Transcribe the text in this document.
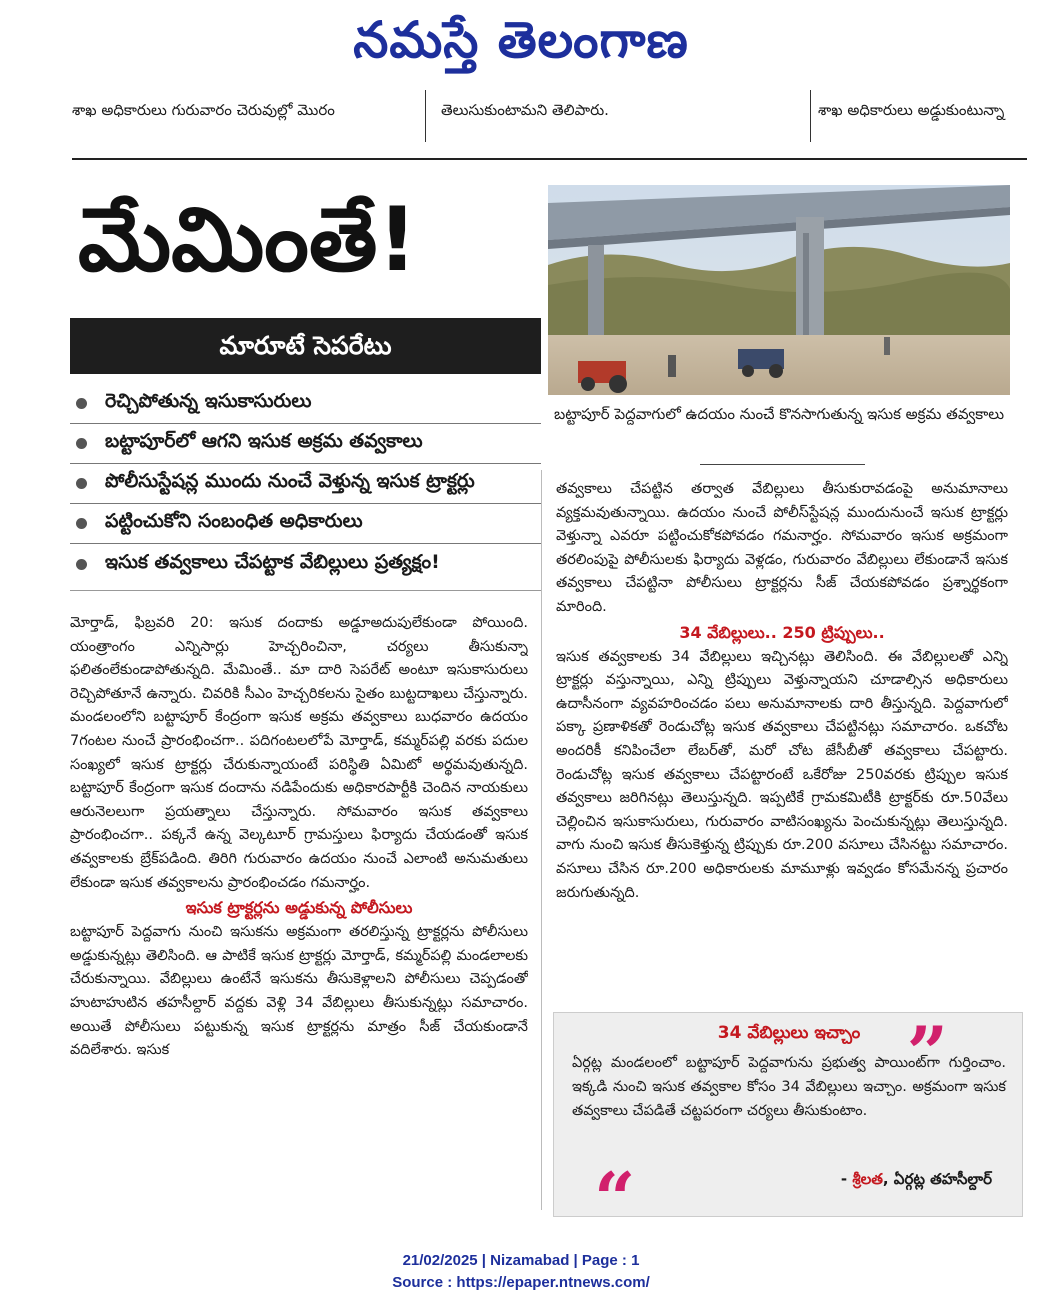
నమస్తే తెలంగాణ

శాఖ అధికారులు గురువారం చెరువుల్లో మొరం
	తెలుసుకుంటామని తెలిపారు.
	శాఖ అధికారులు అడ్డుకుంటున్నా
మేమింతే!
మారూటే సెపరేటు
రెచ్చిపోతున్న ఇసుకాసురులు
బట్టాపూర్‌లో ఆగని ఇసుక అక్రమ తవ్వకాలు
పోలీసుస్టేషన్ల ముందు నుంచే వెళ్తున్న ఇసుక ట్రాక్టర్లు
పట్టించుకోని సంబంధిత అధికారులు
ఇసుక తవ్వకాలు చేపట్టాక వేబిల్లులు ప్రత్యక్షం!

మోర్తాడ్, ఫిబ్రవరి 20: ఇసుక దందాకు అడ్డూఅదుపులేకుండా పోయింది. యంత్రాంగం ఎన్నిసార్లు హెచ్చరించినా, చర్యలు తీసుకున్నా ఫలితంలేకుండాపోతున్నది. మేమింతే.. మా దారి సెపరేట్ అంటూ ఇసుకాసురులు రెచ్చిపోతూనే ఉన్నారు. చివరికి సీఎం హెచ్చరికలను సైతం బుట్టదాఖలు చేస్తున్నారు. మండలంలోని బట్టాపూర్ కేంద్రంగా ఇసుక అక్రమ తవ్వకాలు బుధవారం ఉదయం 7గంటల నుంచే ప్రారంభించగా.. పదిగంటలలోపే మోర్తాడ్, కమ్మర్‌పల్లి వరకు పదుల సంఖ్యలో ఇసుక ట్రాక్టర్లు చేరుకున్నాయంటే పరిస్థితి ఏమిటో అర్థమవుతున్నది. బట్టాపూర్ కేంద్రంగా ఇసుక దందాను నడిపేందుకు అధికారపార్టీకి చెందిన నాయకులు ఆరునెలలుగా ప్రయత్నాలు చేస్తున్నారు. సోమవారం ఇసుక తవ్వకాలు ప్రారంభించగా.. పక్కనే ఉన్న వెల్కటూర్ గ్రామస్తులు ఫిర్యాదు చేయడంతో ఇసుక తవ్వకాలకు బ్రేక్‌పడింది. తిరిగి గురువారం ఉదయం నుంచే ఎలాంటి అనుమతులు లేకుండా ఇసుక తవ్వకాలను ప్రారంభించడం గమనార్హం.

ఇసుక ట్రాక్టర్లను అడ్డుకున్న పోలీసులు

బట్టాపూర్ పెద్దవాగు నుంచి ఇసుకను అక్రమంగా తరలిస్తున్న ట్రాక్టర్లను పోలీసులు అడ్డుకున్నట్లు తెలిసింది. ఆ పాటికే ఇసుక ట్రాక్టర్లు మోర్తాడ్, కమ్మర్‌పల్లి మండలాలకు చేరుకున్నాయి. వేబిల్లులు ఉంటేనే ఇసుకను తీసుకెళ్లాలని పోలీసులు చెప్పడంతో హుటాహుటిన తహసీల్దార్ వద్దకు వెళ్లి 34 వేబిల్లులు తీసుకున్నట్లు సమాచారం. అయితే పోలీసులు పట్టుకున్న ఇసుక ట్రాక్టర్లను మాత్రం సీజ్ చేయకుండానే వదిలేశారు. ఇసుక

బట్టాపూర్ పెద్దవాగులో ఉదయం నుంచే కొనసాగుతున్న ఇసుక అక్రమ తవ్వకాలు

తవ్వకాలు చేపట్టిన తర్వాత వేబిల్లులు తీసుకురావడంపై అనుమానాలు వ్యక్తమవుతున్నాయి. ఉదయం నుంచే పోలీస్‌స్టేషన్ల ముందునుంచే ఇసుక ట్రాక్టర్లు వెళ్తున్నా ఎవరూ పట్టించుకోకపోవడం గమనార్హం. సోమవారం ఇసుక అక్రమంగా తరలింపుపై పోలీసులకు ఫిర్యాదు వెళ్లడం, గురువారం వేబిల్లులు లేకుండానే ఇసుక తవ్వకాలు చేపట్టినా పోలీసులు ట్రాక్టర్లను సీజ్ చేయకపోవడం ప్రశ్నార్థకంగా మారింది.

34 వేబిల్లులు.. 250 ట్రిప్పులు..

ఇసుక తవ్వకాలకు 34 వేబిల్లులు ఇచ్చినట్లు తెలిసింది. ఈ వేబిల్లులతో ఎన్ని ట్రాక్టర్లు వస్తున్నాయి, ఎన్ని ట్రిప్పులు వెళ్తున్నాయని చూడాల్సిన అధికారులు ఉదాసీనంగా వ్యవహరించడం పలు అనుమానాలకు దారి తీస్తున్నది. పెద్దవాగులో పక్కా ప్రణాళికతో రెండుచోట్ల ఇసుక తవ్వకాలు చేపట్టినట్లు సమాచారం. ఒకచోట అందరికీ కనిపించేలా లేబర్‌తో, మరో చోట జేసీబీతో తవ్వకాలు చేపట్టారు. రెండుచోట్ల ఇసుక తవ్వకాలు చేపట్టారంటే ఒకేరోజు 250వరకు ట్రిప్పుల ఇసుక తవ్వకాలు జరిగినట్లు తెలుస్తున్నది. ఇప్పటికే గ్రామకమిటీకి ట్రాక్టర్‌కు రూ.50వేలు చెల్లించిన ఇసుకాసురులు, గురువారం వాటిసంఖ్యను పెంచుకున్నట్లు తెలుస్తున్నది. వాగు నుంచి ఇసుక తీసుకెళ్తున్న ట్రిప్పుకు రూ.200 వసూలు చేసినట్టు సమాచారం. వసూలు చేసిన రూ.200 అధికారులకు మామూళ్లు ఇవ్వడం కోసమేనన్న ప్రచారం జరుగుతున్నది.

34 వేబిల్లులు ఇచ్చాం ”
ఏర్గట్ల మండలంలో బట్టాపూర్ పెద్దవాగును ప్రభుత్వ పాయింట్‌గా గుర్తించాం. ఇక్కడి నుంచి ఇసుక తవ్వకాల కోసం 34 వేబిల్లులు ఇచ్చాం. అక్రమంగా ఇసుక తవ్వకాలు చేపడితే చట్టపరంగా చర్యలు తీసుకుంటాం.
“	- శ్రీలత, ఏర్గట్ల తహసీల్దార్
21/02/2025 | Nizamabad | Page : 1
Source : https://epaper.ntnews.com/
